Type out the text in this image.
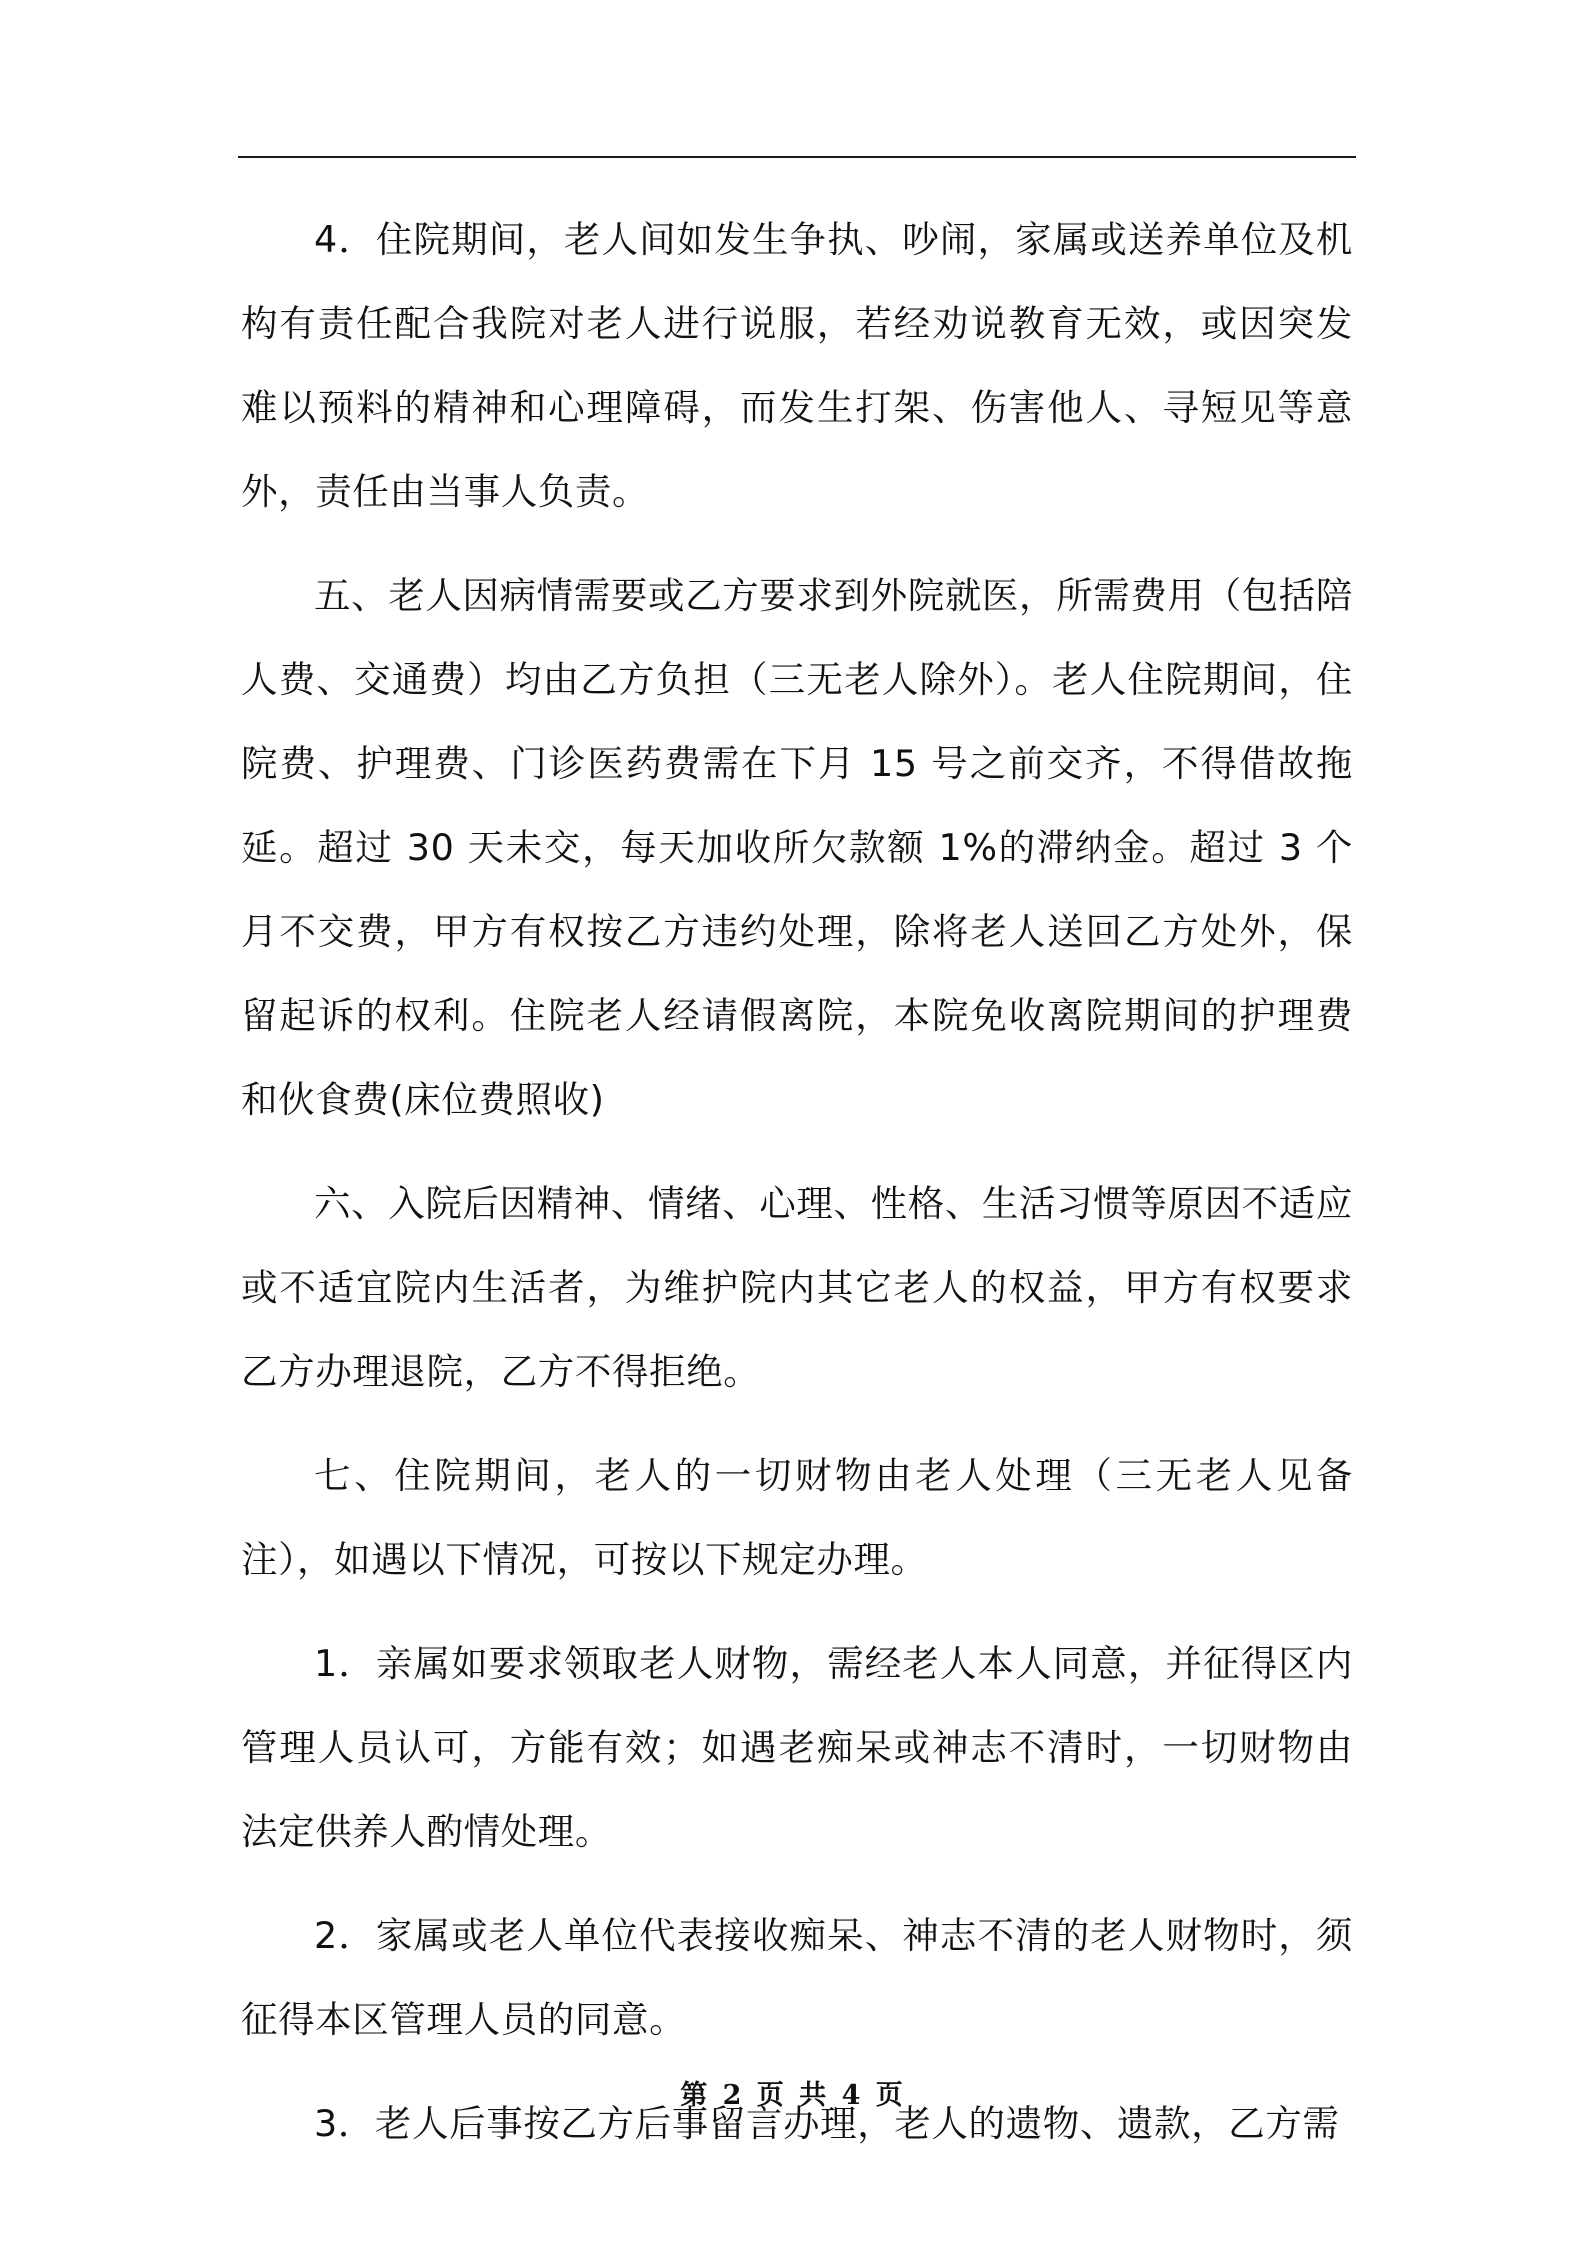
4．住院期间，老人间如发生争执、吵闹，家属或送养单位及机构有责任配合我院对老人进行说服，若经劝说教育无效，或因突发难以预料的精神和心理障碍，而发生打架、伤害他人、寻短见等意外，责任由当事人负责。

五、老人因病情需要或乙方要求到外院就医，所需费用（包括陪人费、交通费）均由乙方负担（三无老人除外）。老人住院期间，住院费、护理费、门诊医药费需在下月 15 号之前交齐，不得借故拖延。超过 30 天未交，每天加收所欠款额 1%的滞纳金。超过 3 个月不交费，甲方有权按乙方违约处理，除将老人送回乙方处外，保留起诉的权利。住院老人经请假离院，本院免收离院期间的护理费和伙食费(床位费照收)

六、入院后因精神、情绪、心理、性格、生活习惯等原因不适应或不适宜院内生活者，为维护院内其它老人的权益，甲方有权要求乙方办理退院，乙方不得拒绝。

七、住院期间，老人的一切财物由老人处理（三无老人见备注），如遇以下情况，可按以下规定办理。

1．亲属如要求领取老人财物，需经老人本人同意，并征得区内管理人员认可，方能有效；如遇老痴呆或神志不清时，一切财物由法定供养人酌情处理。

2．家属或老人单位代表接收痴呆、神志不清的老人财物时，须征得本区管理人员的同意。

3．老人后事按乙方后事留言办理，老人的遗物、遗款，乙方需

第 2 页 共 4 页
